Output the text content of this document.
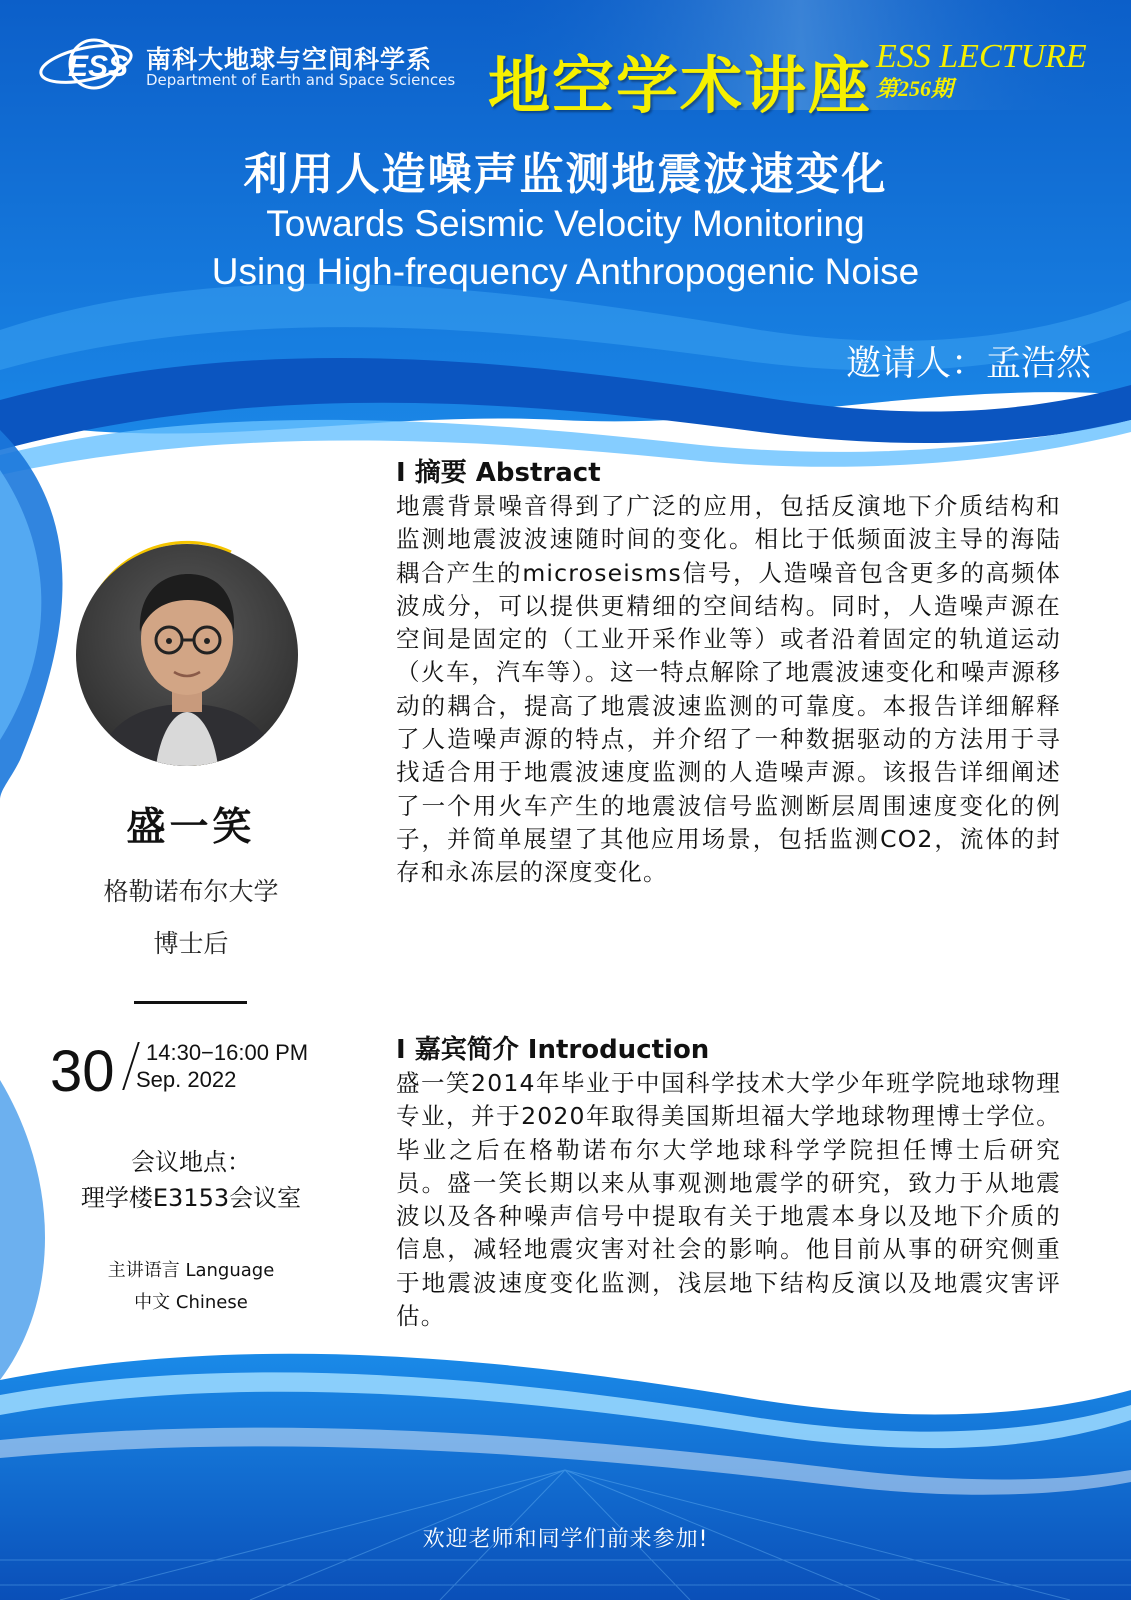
ESS 南科大地球与空间科学系
Department of Earth and Space Sciences 地空学术讲座 ESS LECTURE
第256期
利用人造噪声监测地震波速变化
Towards Seismic Velocity Monitoring
Using High-frequency Anthropogenic Noise
邀请人：孟浩然
盛一笑
格勒诺布尔大学
博士后
30 14:30−16:00 PM
Sep. 2022
会议地点：
理学楼E3153会议室
主讲语言 Language
中文 Chinese
I 摘要 Abstract
地震背景噪音得到了广泛的应用，包括反演地下介质结构和监测地震波波速随时间的变化。相比于低频面波主导的海陆耦合产生的microseisms信号，人造噪音包含更多的高频体波成分，可以提供更精细的空间结构。同时，人造噪声源在空间是固定的（工业开采作业等）或者沿着固定的轨道运动（火车，汽车等）。这一特点解除了地震波速变化和噪声源移动的耦合，提高了地震波速监测的可靠度。本报告详细解释了人造噪声源的特点，并介绍了一种数据驱动的方法用于寻找适合用于地震波速度监测的人造噪声源。该报告详细阐述了一个用火车产生的地震波信号监测断层周围速度变化的例子，并简单展望了其他应用场景，包括监测CO2，流体的封存和永冻层的深度变化。
I 嘉宾简介 Introduction
盛一笑2014年毕业于中国科学技术大学少年班学院地球物理专业，并于2020年取得美国斯坦福大学地球物理博士学位。毕业之后在格勒诺布尔大学地球科学学院担任博士后研究员。盛一笑长期以来从事观测地震学的研究，致力于从地震波以及各种噪声信号中提取有关于地震本身以及地下介质的信息，减轻地震灾害对社会的影响。他目前从事的研究侧重于地震波速度变化监测，浅层地下结构反演以及地震灾害评估。
欢迎老师和同学们前来参加!
